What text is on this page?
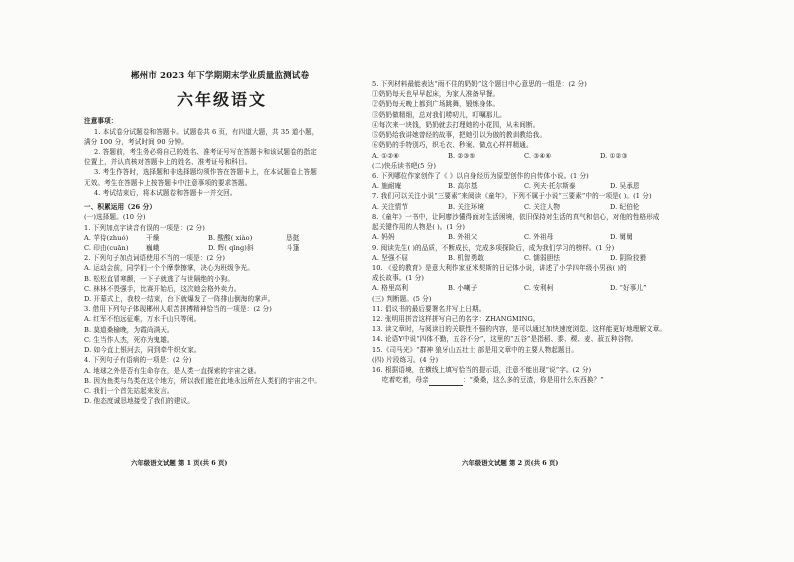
郴州市 2023 年下学期期末学业质量监测试卷
六年级语文
注意事项：
1. 本试卷分试题卷和答题卡。试题卷共 6 页，有四道大题，共 35 道小题，
满分 100 分，考试时间 90 分钟。
2. 答题前，考生务必将自己的姓名、准考证号写在答题卡和该试题卷的指定
位置上，并认真核对答题卡上的姓名、准考证号和科目。
3. 考生作答时，选择题和非选择题均须作答在答题卡上，在本试题卷上答题
无效。考生在答题卡上按答题卡中注意事项的要求答题。
4. 考试结束后，将本试题卷和答题卡一并交回。
一、积累运用（26 分）
(一)选择题。(10 分)
1. 下列加点字读音有误的一项是：(2 分)
A. 苹侍(zhuó)	干燥	B. 酸酸( xiào)	恳挺
C. 印由(cuān)	巍峨	D. 辉( qǐng)斜	斗篷
2. 下列句子加点词语使用不当的一项是：(2 分)
A. 运动会前，同学们一个个摩拳擦掌，决心为班级争光。
B. 松松直冒寒颤，一下子就逃了与世隔绝的小狗。
C. 林林不畏强手，比赛开始后，这次她会格外卖力。
D. 开幕式上，我校一结束，台下就爆发了一阵排山倒海的掌声。
3. 借用下列句子体现郴州人艰苦拼搏精神恰当的一项是：(2 分)
A. 红军不怕远征难，万水千山只等闲。
B. 莫道桑榆晚，为霞尚满天。
C. 生当作人杰，死亦为鬼雄。
D. 如今直上银河去，同到牵牛织女家。
4. 下列句子有语病的一项是：(2 分)
A. 地球之外是否有生命存在，是人类一直探索的宇宙之谜。
B. 因为鱼类与鸟类在这个地方，所以我们能在此地永远所在人类们的宇宙之中。
C. 我们一个首先站起来发言。
D. 他态度诚恳地接受了我们的建议。
5. 下列材料最能表达“雨不住的奶奶”这个题目中心意思的一组是：(2 分)
①奶奶每天也早早起床，为家人准备早餐。
②奶奶每天晚上都到广场跳舞，锻炼身体。
③奶奶做精细，总对我们唠叨儿，叮嘱那儿。
④每次来一块钱，奶奶就去打理她的小花园，从未间断。
⑤奶奶给我讲她曾经的故事，把她引以为傲的教训教给我。
⑥奶奶的手特别巧，织毛衣、秒案、做点心样样精通。
A. ①②⑥	B. ②③⑤	C. ③④⑥	D. ①②③
(二)快乐读书吧(5 分)
6. 下列哪位作家创作了《 》以自身经历为原型创作的自传体小说。(1 分)
A. 施耐庵	B. 高尔基	C. 列夫·托尔斯泰	D. 吴承恩
7. 我们可以关注小说“三要素”来阅读《童年》，下列不属于小说“三要素”中的一项是( )。(1 分)
A. 关注情节	B. 关注环境	C. 关注人物	D. 纪伯伦
8.《童年》一书中，让阿廖沙懂得面对生活困境，依旧保持对生活的真气和信心，对他的性格形成
起关键作用的人物是( )。(1 分)
A. 妈妈	B. 外祖父	C. 外祖母	D. 舅舅
9. 阅读先生( )的品质，不断成长，完成多项探险后，成为我们学习的榜样。(1 分)
A. 坚强不屈	B. 机智勇敢	C. 懦弱胆怯	D. 阴险狡猾
10. 《爱的教育》是意大利作家亚米契斯的日记体小说，讲述了小学四年级小男孩( )的
成长故事。(1 分)
A. 格里高利	B. 小喇子	C. 安利柯	D. “好事儿”
(三) 判断题。(5 分)
11. 倡议书的最后要署名并写上日期。
12. 张明用拼音这样拼写自己的名字：ZHANGMING。
13. 读文章时，与阅读目的关联性不强的内容，是可以通过加快速度浏览、这样能更好地理解文章。
14. 论语Y中说“四体不勤，五谷不分”，这里的“五谷”是指稻、黍、稷、麦、菽五种谷物。
15.《司马光》“群神 狼牙山五壮士 部是用文章中的主要人物起题目。
(四) 片段练习。(4 分)
16. 根据语境，在横线上填写恰当的提示语，注意不能出现“说”字。(2 分)
吃着吃着，母亲	：“桑桑，这么多的豆渣，你是用什么东西换？”
六年级语文试题 第 1 页(共 6 页)	六年级语文试题 第 2 页(共 6 页)
